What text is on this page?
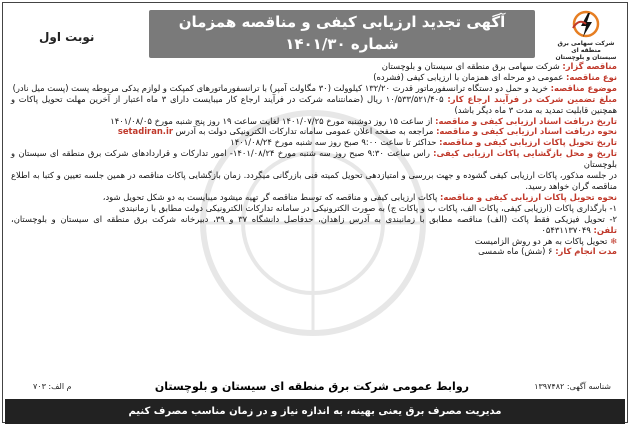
شرکت سهامی برق منطقه ای
سیستان و بلوچستان
آگهی تجدید ارزیابی کیفی و مناقصه همزمان
شماره ۱۴۰۱/۳۰
نوبت اول

مناقصه گزار: شرکت سهامی برق منطقه ای سیستان و بلوچستان

نوع مناقصه: عمومی دو مرحله ای همزمان با ارزیابی کیفی (فشرده)

موضوع مناقصه: خرید و حمل دو دستگاه ترانسفورماتور قدرت ۱۳۲/۲۰ کیلوولت (۳۰ مگاولت آمپر) با ترانسفورماتورهای کمپکت و لوازم یدکی مربوطه پست (پست میل نادر)

مبلغ تضمین شرکت در فرآیند ارجاع کار: ۱۰/۵۳۳/۵۲۱/۴۰۵ ریال (ضمانتنامه شرکت در فرآیند ارجاع کار میبایست دارای ۳ ماه اعتبار از آخرین مهلت تحویل پاکات و همچنین قابلیت تمدید به مدت ۳ ماه دیگر باشد)

تاریخ دریافت اسناد ارزیابی کیفی و مناقصه: از ساعت ۱۵ روز دوشنبه مورخ ۱۴۰۱/۰۷/۲۵ لغایت ساعت ۱۹ روز پنج شنبه مورخ ۱۴۰۱/۰۸/۰۵

نحوه دریافت اسناد ارزیابی کیفی و مناقصه: مراجعه به صفحه اعلان عمومی سامانه تدارکات الکترونیکی دولت به آدرس setadiran.ir

تاریخ تحویل پاکات ارزیابی کیفی و مناقصه: حداکثر تا ساعت ۹:۰۰ صبح روز سه شنبه مورخ ۱۴۰۱/۰۸/۲۴

تاریخ و محل بازگشایی پاکات ارزیابی کیفی: راس ساعت ۹:۳۰ صبح روز سه شنبه مورخ ۱۴۰۱/۰۸/۲۴- امور تدارکات و قراردادهای شرکت برق منطقه ای سیستان و بلوچستان

در جلسه مذکور، پاکات ارزیابی کیفی گشوده و جهت بررسی و امتیازدهی تحویل کمیته فنی بازرگانی میگردد. زمان بازگشایی پاکات مناقصه در همین جلسه تعیین و کتبا به اطلاع مناقصه گران خواهد رسید.

نحوه تحویل پاکات ارزیابی کیفی و مناقصه: پاکات ارزیابی کیفی و مناقصه که توسط مناقصه گر تهیه میشود میبایست به دو شکل تحویل شود،

۱- بارگذاری پاکات (ارزیابی کیفی، پاکات الف، پاکات ب و پاکات ج) به صورت الکترونیکی در سامانه تدارکات الکترونیکی دولت مطابق با زمانبندی

۲- تحویل فیزیکی فقط پاکت (الف) مناقصه مطابق با زمانبندی به آدرس زاهدان، حدفاصل دانشگاه ۳۷ و ۳۹، دبیرخانه شرکت برق منطقه ای سیستان و بلوچستان، تلفن: ۰۵۴۳۱۱۳۷۰۴۹

❄ تحویل پاکات به هر دو روش الزامیست

مدت انجام کار: ۶ (شش) ماه شمسی

شناسه آگهی: ۱۳۹۷۴۸۲
روابط عمومی شرکت برق منطقه ای سیستان و بلوچستان
م الف: ۷۰۳
مدیریت مصرف برق یعنی بهینه، به اندازه نیاز و در زمان مناسب مصرف کنیم
